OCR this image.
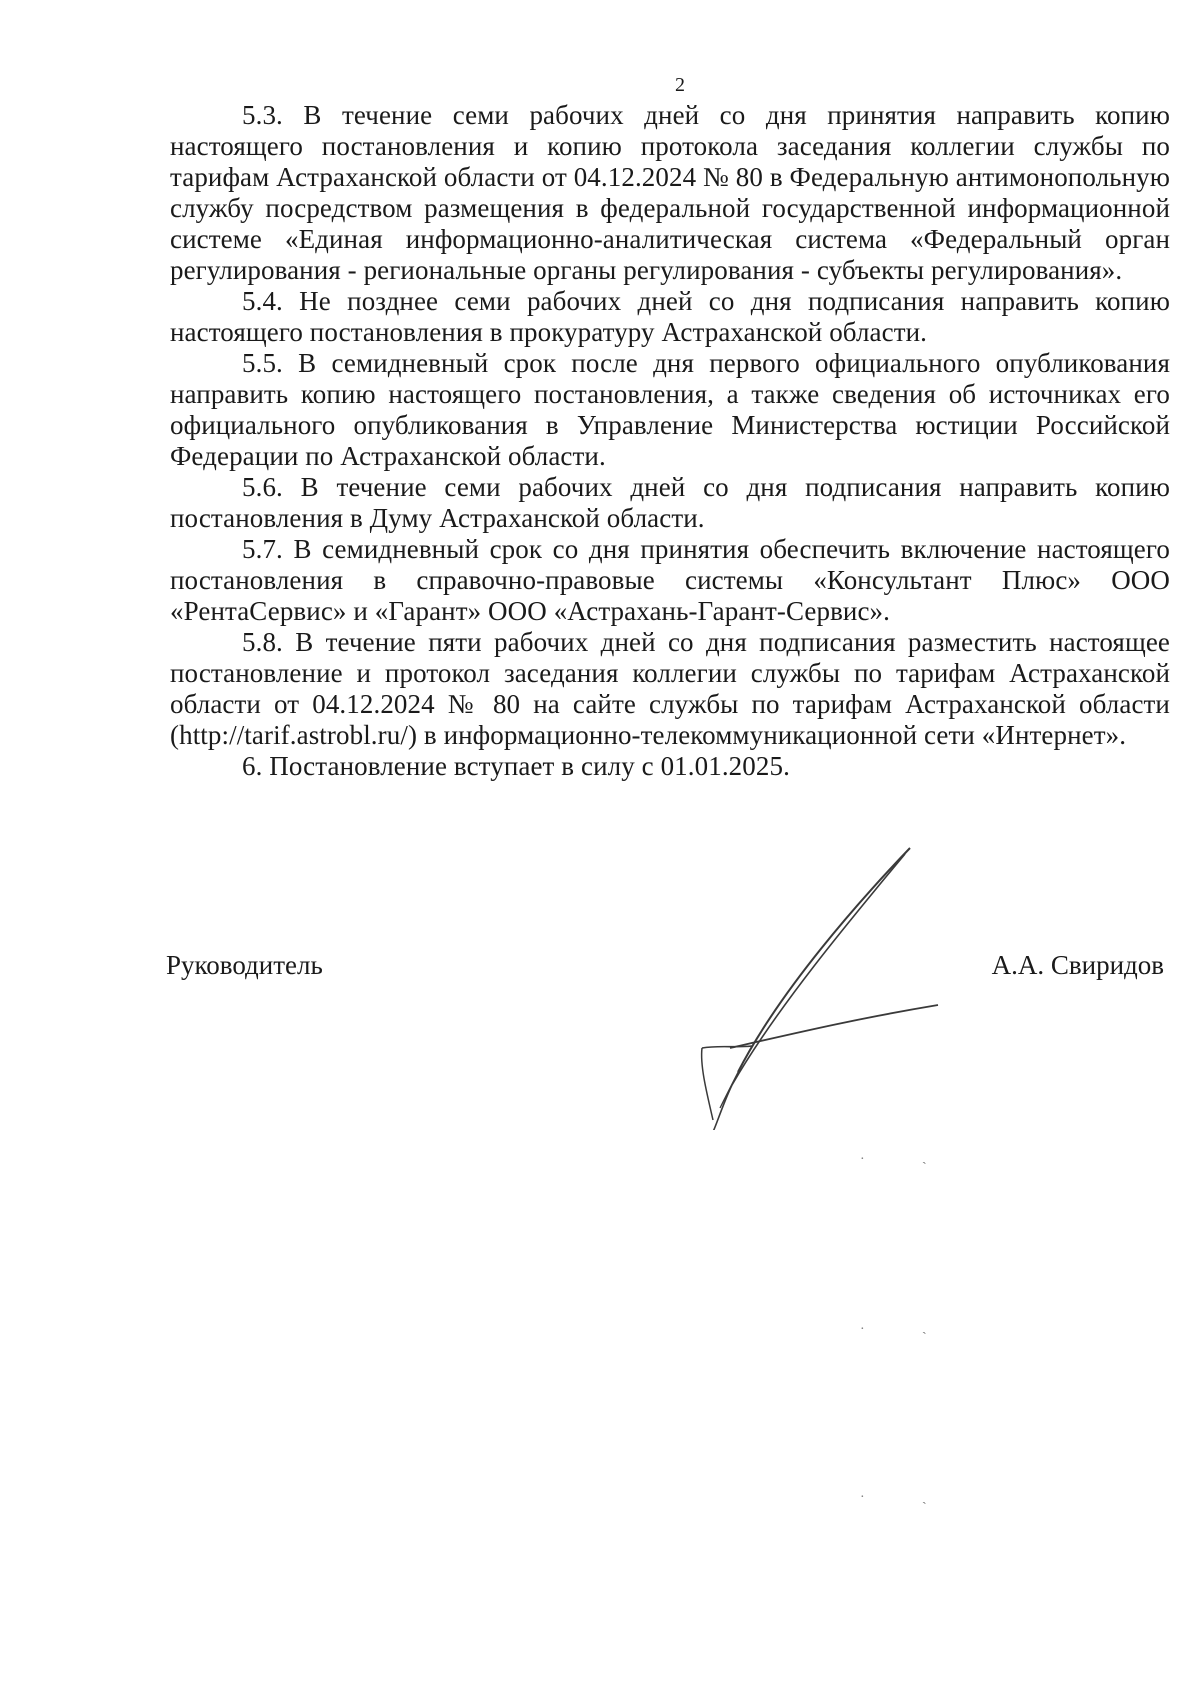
2

5.3. В течение семи рабочих дней со дня принятия направить копию настоящего постановления и копию протокола заседания коллегии службы по тарифам Астраханской области от 04.12.2024 № 80 в Федеральную антимонопольную службу посредством размещения в федеральной государственной информационной системе «Единая информационно-аналитическая система «Федеральный орган регулирования - региональные органы регулирования - субъекты регулирования».

5.4. Не позднее семи рабочих дней со дня подписания направить копию настоящего постановления в прокуратуру Астраханской области.

5.5. В семидневный срок после дня первого официального опубликования направить копию настоящего постановления, а также сведения об источниках его официального опубликования в Управление Министерства юстиции Российской Федерации по Астраханской области.

5.6. В течение семи рабочих дней со дня подписания направить копию постановления в Думу Астраханской области.

5.7. В семидневный срок со дня принятия обеспечить включение настоящего постановления в справочно-правовые системы «Консультант Плюс» ООО «РентаСервис» и «Гарант» ООО «Астрахань-Гарант-Сервис».

5.8. В течение пяти рабочих дней со дня подписания разместить настоящее постановление и протокол заседания коллегии службы по тарифам Астраханской области от 04.12.2024 № 80 на сайте службы по тарифам Астраханской области (http://tarif.astrobl.ru/) в информационно-телекоммуникационной сети «Интернет».

6. Постановление вступает в силу с 01.01.2025.

Руководитель	А.А. Свиридов
·	ˎ
·	ˎ
·	ˎ
